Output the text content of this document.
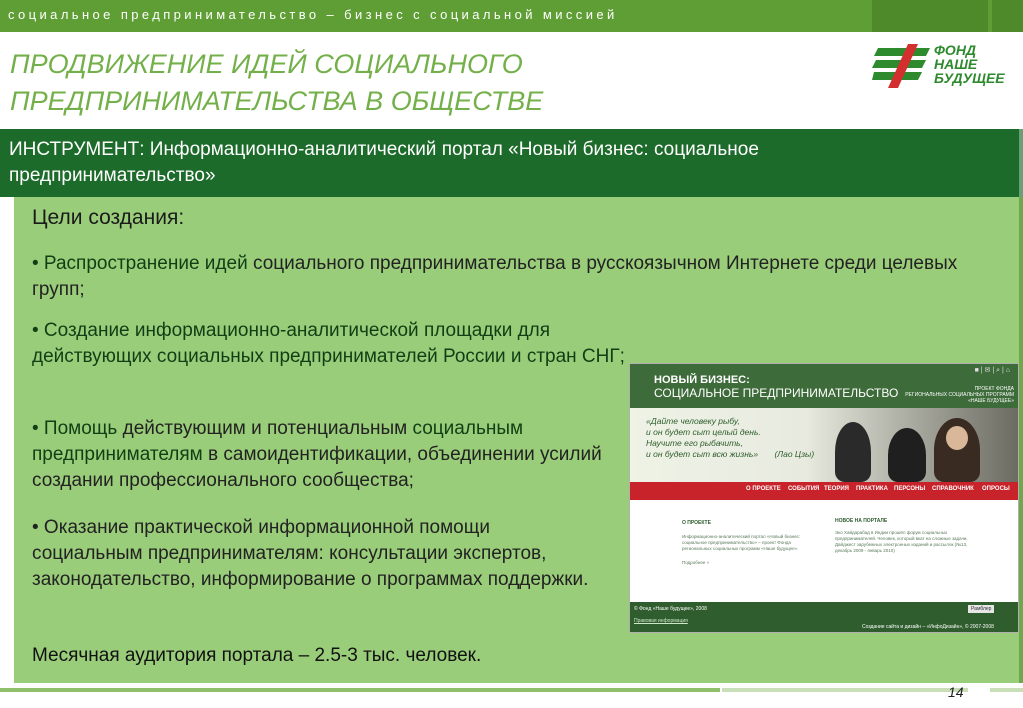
социальное предпринимательство – бизнес с социальной миссией
ПРОДВИЖЕНИЕ ИДЕЙ СОЦИАЛЬНОГО
ПРЕДПРИНИМАТЕЛЬСТВА В ОБЩЕСТВЕ
ФОНД
НАШЕ
БУДУЩЕЕ
ИНСТРУМЕНТ: Информационно-аналитический портал «Новый бизнес: социальное предпринимательство»
Цели создания:
• Распространение идей социального предпринимательства в русскоязычном Интернете среди целевых групп;
• Создание информационно-аналитической площадки для действующих социальных предпринимателей России и стран СНГ;
• Помощь действующим и потенциальным социальным предпринимателям в самоидентификации, объединении усилий создании профессионального сообщества;
• Оказание практической информационной помощи социальным предпринимателям: консультации экспертов, законодательство, информирование о программах поддержки.
Месячная аудитория портала – 2.5-3 тыс. человек.
■ | ✉ | ⌕ | ⌂
НОВЫЙ БИЗНЕС:
СОЦИАЛЬНОЕ ПРЕДПРИНИМАТЕЛЬСТВО	ПРОЕКТ ФОНДА
РЕГИОНАЛЬНЫХ СОЦИАЛЬНЫХ ПРОГРАММ
«НАШЕ БУДУЩЕЕ»
«Дайте человеку рыбу,
и он будет сыт целый день.
Научите его рыбачить,
и он будет сыт всю жизнь» (Лао Цзы)
О ПРОЕКТЕ СОБЫТИЯ ТЕОРИЯ ПРАКТИКА ПЕРСОНЫ СПРАВОЧНИК ОПРОСЫ
О ПРОЕКТЕ
Информационно-аналитический портал «Новый бизнес: социальное предпринимательство» – проект Фонда региональных социальных программ «Наше будущее».
Подробнее »
НОВОЕ НА ПОРТАЛЕ
Эко Хайдарабад в Индии прошёл форум социальных предпринимателей. Человек, который вкат на сложные задачи. Дайджест зарубежных электронных изданий и рассылок (№13, декабрь 2009 - январь 2010)
© Фонд «Наше будущее», 2008
Правовая информация
Создание сайта и дизайн – «ИнфоДизайн», © 2007-2008
Рамблер
14
